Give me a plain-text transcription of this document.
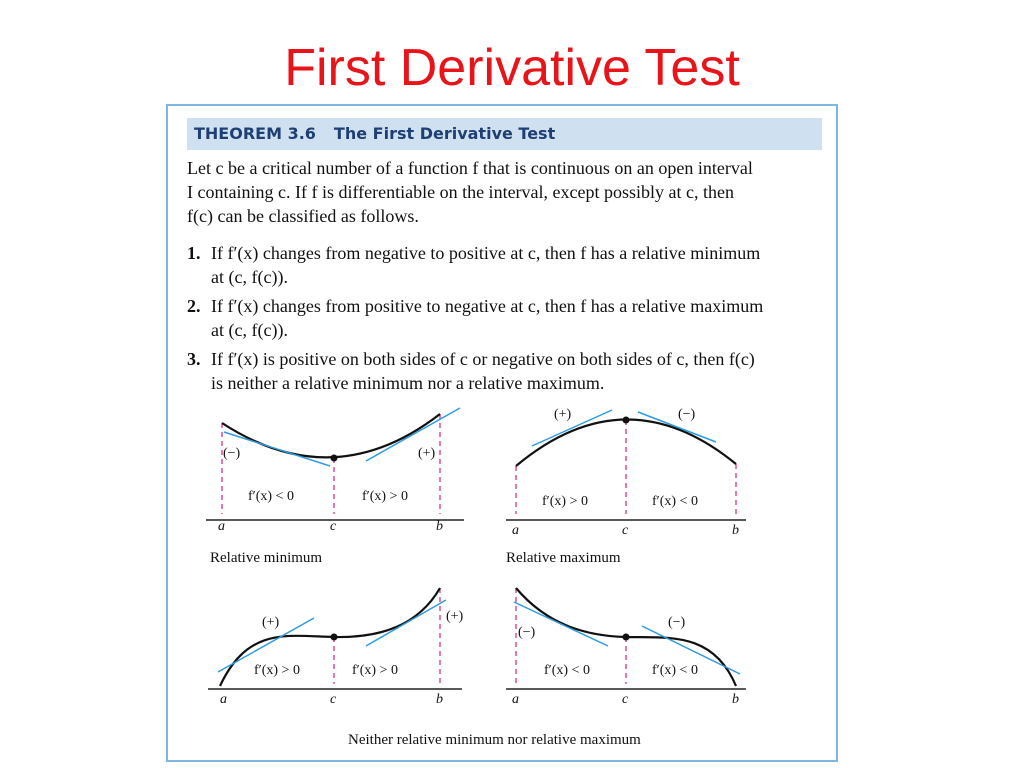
First Derivative Test
THEOREM 3.6 The First Derivative Test
Let c be a critical number of a function f that is continuous on an open interval
I containing c. If f is differentiable on the interval, except possibly at c, then
f(c) can be classified as follows.
1. If f′(x) changes from negative to positive at c, then f has a relative minimum
at (c, f(c)).
2. If f′(x) changes from positive to negative at c, then f has a relative maximum
at (c, f(c)).
3. If f′(x) is positive on both sides of c or negative on both sides of c, then f(c)
is neither a relative minimum nor a relative maximum.
(−)	(+)
f′(x) < 0	f′(x) > 0
a	c	b
Relative minimum
(+)	(−)
f′(x) > 0	f′(x) < 0
a	c	b
Relative maximum
(+)	(+)
f′(x) > 0	f′(x) > 0
a	c	b
(−)
(−)
f′(x) < 0	f′(x) < 0
a	c	b
Neither relative minimum nor relative maximum
